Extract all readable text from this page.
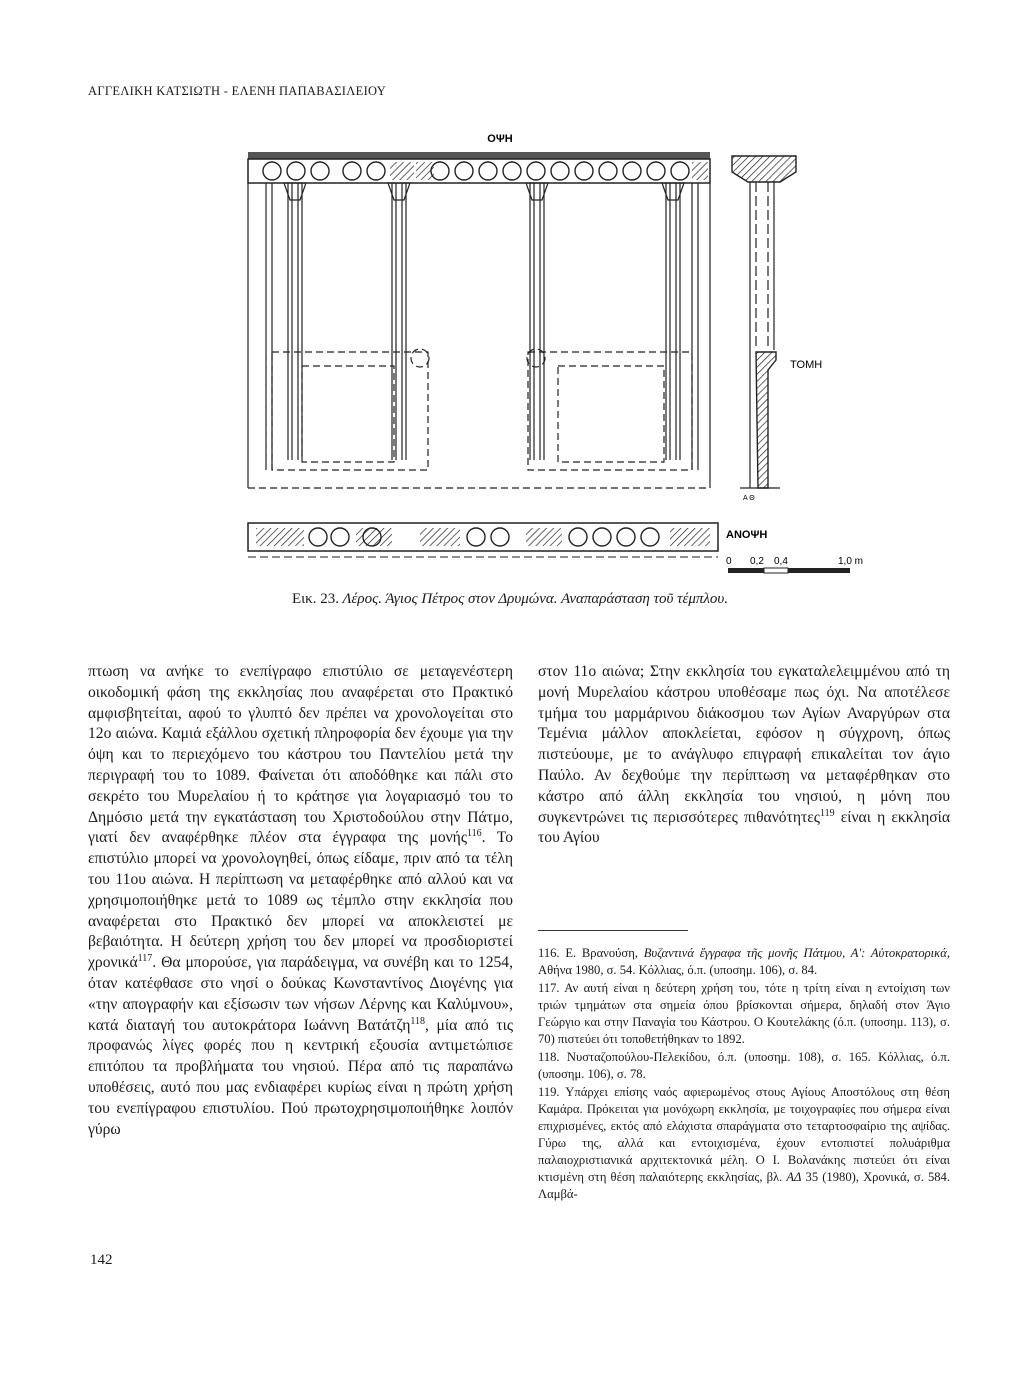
ΑΓΓΕΛΙΚΗ ΚΑΤΣΙΩΤΗ - ΕΛΕΝΗ ΠΑΠΑΒΑΣΙΛΕΙΟΥ
ΟΨΗ
Α Θ
ΤΟΜΗ
ΑΝΟΨΗ
0 0,2 0,4	1,0 m
Εικ. 23. Λέρος. Άγιος Πέτρος στον Δρυμώνα. Αναπαράσταση τοῦ τέμπλου.

πτωση να ανήκε το ενεπίγραφο επιστύλιο σε μεταγενέστερη οικοδομική φάση της εκκλησίας που αναφέρεται στο Πρακτικό αμφισβητείται, αφού το γλυπτό δεν πρέπει να χρονολογείται στο 12ο αιώνα. Καμιά εξάλλου σχετική πληροφορία δεν έχουμε για την όψη και το περιεχόμενο του κάστρου του Παντελίου μετά την περιγραφή του το 1089. Φαίνεται ότι αποδόθηκε και πάλι στο σεκρέτο του Μυρελαίου ή το κράτησε για λογαριασμό του το Δημόσιο μετά την εγκατάσταση του Χριστοδούλου στην Πάτμο, γιατί δεν αναφέρθηκε πλέον στα έγγραφα της μονής$^{116}$. Το επιστύλιο μπορεί να χρονολογηθεί, όπως είδαμε, πριν από τα τέλη του 11ου αιώνα. Η περίπτωση να μεταφέρθηκε από αλλού και να χρησιμοποιήθηκε μετά το 1089 ως τέμπλο στην εκκλησία που αναφέρεται στο Πρακτικό δεν μπορεί να αποκλειστεί με βεβαιότητα. Η δεύτερη χρήση του δεν μπορεί να προσδιοριστεί χρονικά$^{117}$. Θα μπορούσε, για παράδειγμα, να συνέβη και το 1254, όταν κατέφθασε στο νησί ο δούκας Κωνσταντίνος Διογένης για «την απογραφήν και εξίσωσιν των νήσων Λέρνης και Καλύμνου», κατά διαταγή του αυτοκράτορα Ιωάννη Βατάτζη$^{118}$, μία από τις προφανώς λίγες φορές που η κεντρική εξουσία αντιμετώπισε επιτόπου τα προβλήματα του νησιού. Πέρα από τις παραπάνω υποθέσεις, αυτό που μας ενδιαφέρει κυρίως είναι η πρώτη χρήση του ενεπίγραφου επιστυλίου. Πού πρωτοχρησιμοποιήθηκε λοιπόν γύρω

στον 11ο αιώνα; Στην εκκλησία του εγκαταλελειμμένου από τη μονή Μυρελαίου κάστρου υποθέσαμε πως όχι. Να αποτέλεσε τμήμα του μαρμάρινου διάκοσμου των Αγίων Αναργύρων στα Τεμένια μάλλον αποκλείεται, εφόσον η σύγχρονη, όπως πιστεύουμε, με το ανάγλυφο επιγραφή επικαλείται τον άγιο Παύλο. Αν δεχθούμε την περίπτωση να μεταφέρθηκαν στο κάστρο από άλλη εκκλησία του νησιού, η μόνη που συγκεντρώνει τις περισσότερες πιθανότητες$^{119}$ είναι η εκκλησία του Αγίου

116. Ε. Βρανούση, Βυζαντινά ἔγγραφα τῆς μονῆς Πάτμου, Α': Αὐτοκρατορικά, Αθήνα 1980, σ. 54. Κόλλιας, ό.π. (υποσημ. 106), σ. 84.

117. Αν αυτή είναι η δεύτερη χρήση του, τότε η τρίτη είναι η εντοίχιση των τριών τμημάτων στα σημεία όπου βρίσκονται σήμερα, δηλαδή στον Άγιο Γεώργιο και στην Παναγία του Κάστρου. Ο Κουτελάκης (ό.π. (υποσημ. 113), σ. 70) πιστεύει ότι τοποθετήθηκαν το 1892.

118. Νυσταζοπούλου-Πελεκίδου, ό.π. (υποσημ. 108), σ. 165. Κόλλιας, ό.π. (υποσημ. 106), σ. 78.

119. Υπάρχει επίσης ναός αφιερωμένος στους Αγίους Αποστόλους στη θέση Καμάρα. Πρόκειται για μονόχωρη εκκλησία, με τοιχογραφίες που σήμερα είναι επιχρισμένες, εκτός από ελάχιστα σπαράγματα στο τεταρτοσφαίριο της αψίδας. Γύρω της, αλλά και εντοιχισμένα, έχουν εντοπιστεί πολυάριθμα παλαιοχριστιανικά αρχιτεκτονικά μέλη. Ο Ι. Βολανάκης πιστεύει ότι είναι κτισμένη στη θέση παλαιότερης εκκλησίας, βλ. ΑΔ 35 (1980), Χρονικά, σ. 584. Λαμβά-

142
